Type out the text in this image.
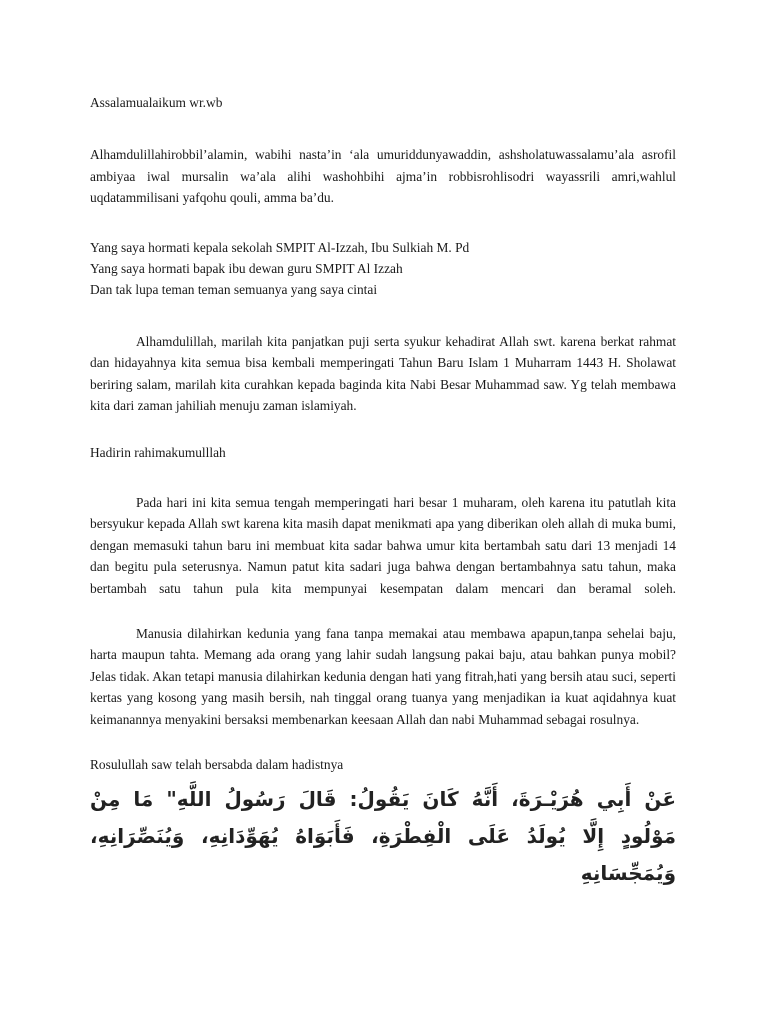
Assalamualaikum wr.wb

Alhamdulillahirobbil’alamin, wabihi nasta’in ‘ala umuriddunyawaddin, ashsholatuwassalamu’ala asrofil ambiyaa iwal mursalin wa’ala alihi washohbihi ajma’in robbisrohlisodri wayassrili amri,wahlul uqdatammilisani yafqohu qouli, amma ba’du.

Yang saya hormati kepala sekolah SMPIT Al-Izzah, Ibu Sulkiah M. Pd

Yang saya hormati bapak ibu dewan guru SMPIT Al Izzah

Dan tak lupa teman teman semuanya yang saya cintai

Alhamdulillah, marilah kita panjatkan puji serta syukur kehadirat Allah swt. karena berkat rahmat dan hidayahnya kita semua bisa kembali memperingati Tahun Baru Islam 1 Muharram 1443 H. Sholawat beriring salam, marilah kita curahkan kepada baginda kita Nabi Besar Muhammad saw. Yg telah membawa kita dari zaman jahiliah menuju zaman islamiyah.

Hadirin rahimakumulllah

Pada hari ini kita semua tengah memperingati hari besar 1 muharam, oleh karena itu patutlah kita bersyukur kepada Allah swt karena kita masih dapat menikmati apa yang diberikan oleh allah di muka bumi, dengan memasuki tahun baru ini membuat kita sadar bahwa umur kita bertambah satu dari 13 menjadi 14 dan begitu pula seterusnya. Namun patut kita sadari juga bahwa dengan bertambahnya satu tahun, maka bertambah satu tahun pula kita mempunyai kesempatan dalam mencari dan beramal soleh.

Manusia dilahirkan kedunia yang fana tanpa memakai atau membawa apapun,tanpa sehelai baju, harta maupun tahta. Memang ada orang yang lahir sudah langsung pakai baju, atau bahkan punya mobil? Jelas tidak. Akan tetapi manusia dilahirkan kedunia dengan hati yang fitrah,hati yang bersih atau suci, seperti kertas yang kosong yang masih bersih, nah tinggal orang tuanya yang menjadikan ia kuat aqidahnya kuat keimanannya menyakini bersaksi membenarkan keesaan Allah dan nabi Muhammad sebagai rosulnya.

Rosulullah saw telah bersabda dalam hadistnya

عَنْ أَبِي هُرَيْـرَةَ، أَنَّهُ كَانَ يَقُولُ: قَالَ رَسُولُ اللَّهِ" مَا مِنْ مَوْلُودٍ إِلَّا يُولَدُ عَلَى الْفِطْرَةِ، فَأَبَوَاهُ يُهَوِّدَانِهِ، وَيُنَصِّرَانِهِ، وَيُمَجِّسَانِهِ
